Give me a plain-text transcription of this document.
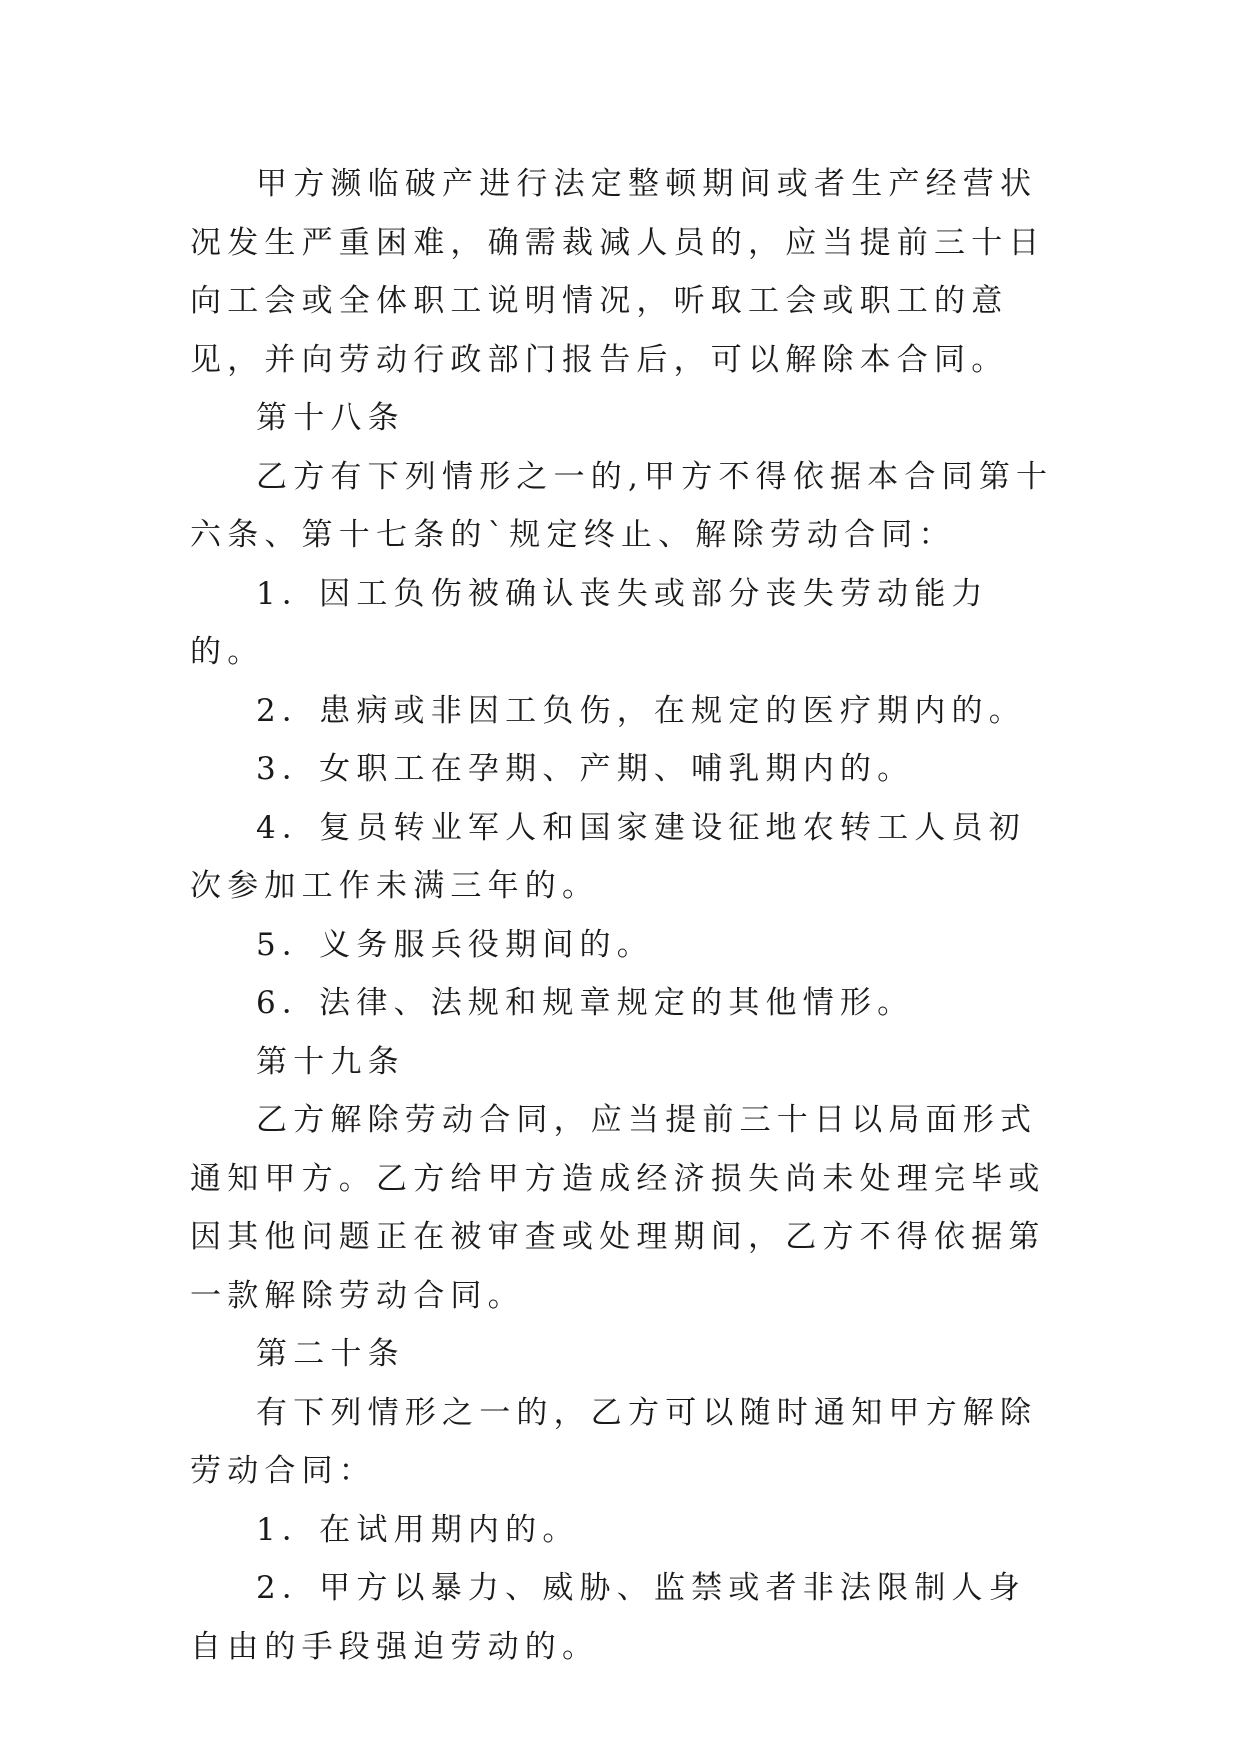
甲方濒临破产进行法定整顿期间或者生产经营状况发生严重困难，确需裁减人员的，应当提前三十日向工会或全体职工说明情况，听取工会或职工的意见，并向劳动行政部门报告后，可以解除本合同。

第十八条

乙方有下列情形之一的,甲方不得依据本合同第十六条、第十七条的`规定终止、解除劳动合同：

1．因工负伤被确认丧失或部分丧失劳动能力的。

2．患病或非因工负伤，在规定的医疗期内的。

3．女职工在孕期、产期、哺乳期内的。

4．复员转业军人和国家建设征地农转工人员初次参加工作未满三年的。

5．义务服兵役期间的。

6．法律、法规和规章规定的其他情形。

第十九条

乙方解除劳动合同，应当提前三十日以局面形式通知甲方。乙方给甲方造成经济损失尚未处理完毕或因其他问题正在被审查或处理期间，乙方不得依据第一款解除劳动合同。

第二十条

有下列情形之一的，乙方可以随时通知甲方解除劳动合同：

1．在试用期内的。

2．甲方以暴力、威胁、监禁或者非法限制人身自由的手段强迫劳动的。
